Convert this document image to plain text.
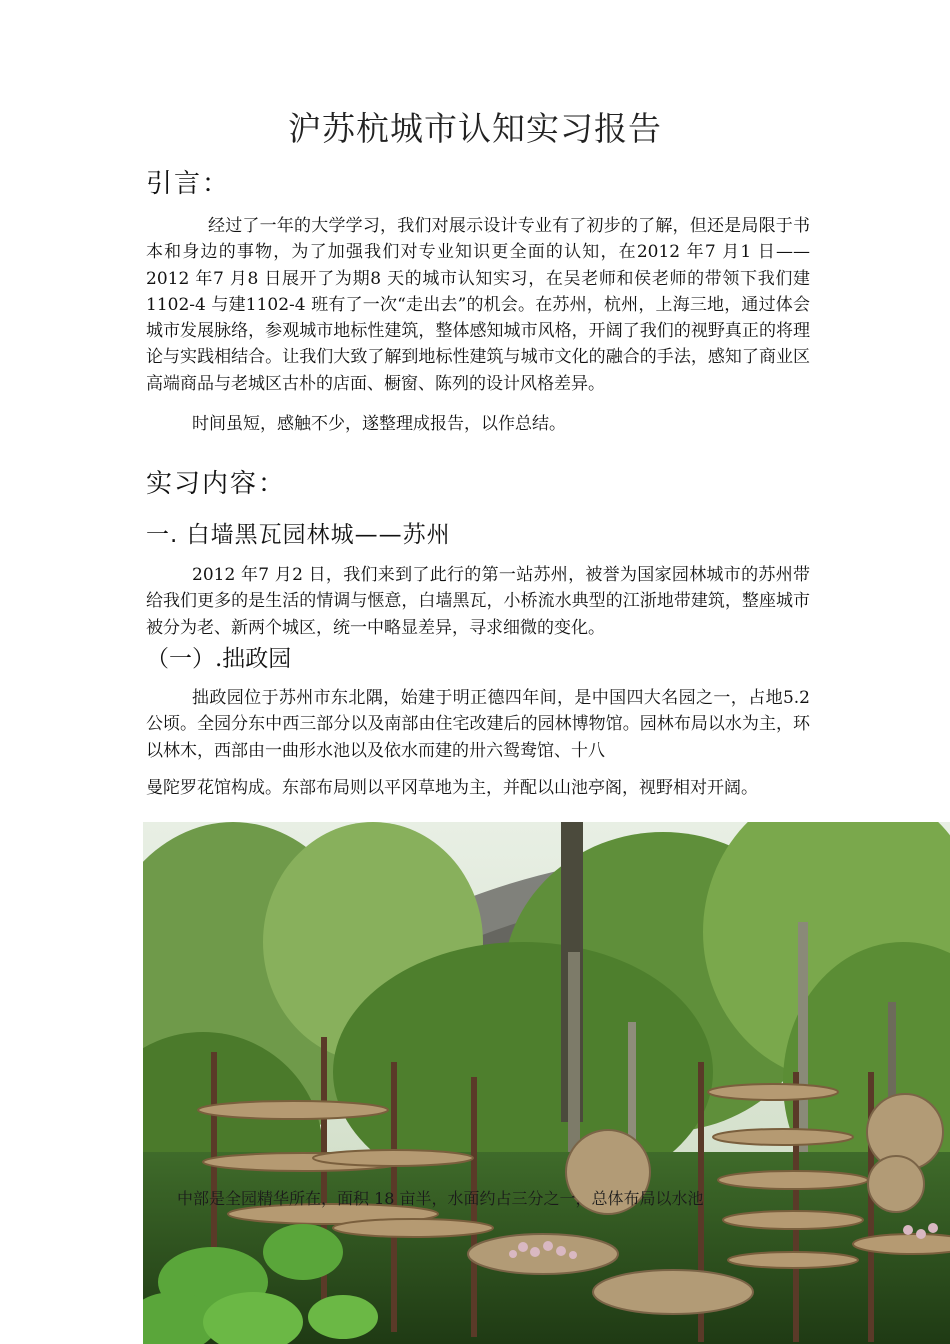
沪苏杭城市认知实习报告
引言：
经过了一年的大学学习，我们对展示设计专业有了初步的了解，但还是局限于书本和身边的事物，为了加强我们对专业知识更全面的认知，在2012 年7 月1 日——2012 年7 月8 日展开了为期8 天的城市认知实习，在吴老师和侯老师的带领下我们建1102-4 与建1102-4 班有了一次“走出去”的机会。在苏州，杭州，上海三地，通过体会城市发展脉络，参观城市地标性建筑，整体感知城市风格，开阔了我们的视野真正的将理论与实践相结合。让我们大致了解到地标性建筑与城市文化的融合的手法，感知了商业区高端商品与老城区古朴的店面、橱窗、陈列的设计风格差异。
时间虽短，感触不少，遂整理成报告，以作总结。
实习内容：
一. 白墙黑瓦园林城——苏州
2012 年7 月2 日，我们来到了此行的第一站苏州，被誉为国家园林城市的苏州带给我们更多的是生活的情调与惬意，白墙黑瓦，小桥流水典型的江浙地带建筑，整座城市被分为老、新两个城区，统一中略显差异，寻求细微的变化。
（一）.拙政园
拙政园位于苏州市东北隅，始建于明正德四年间，是中国四大名园之一，占地5.2 公顷。全园分东中西三部分以及南部由住宅改建后的园林博物馆。园林布局以水为主，环以林木，西部由一曲形水池以及依水而建的卅六鸳鸯馆、十八
曼陀罗花馆构成。东部布局则以平冈草地为主，并配以山池亭阁，视野相对开阔。
中部是全园精华所在，面积 18 亩半，水面约占三分之一，总体布局以水池
